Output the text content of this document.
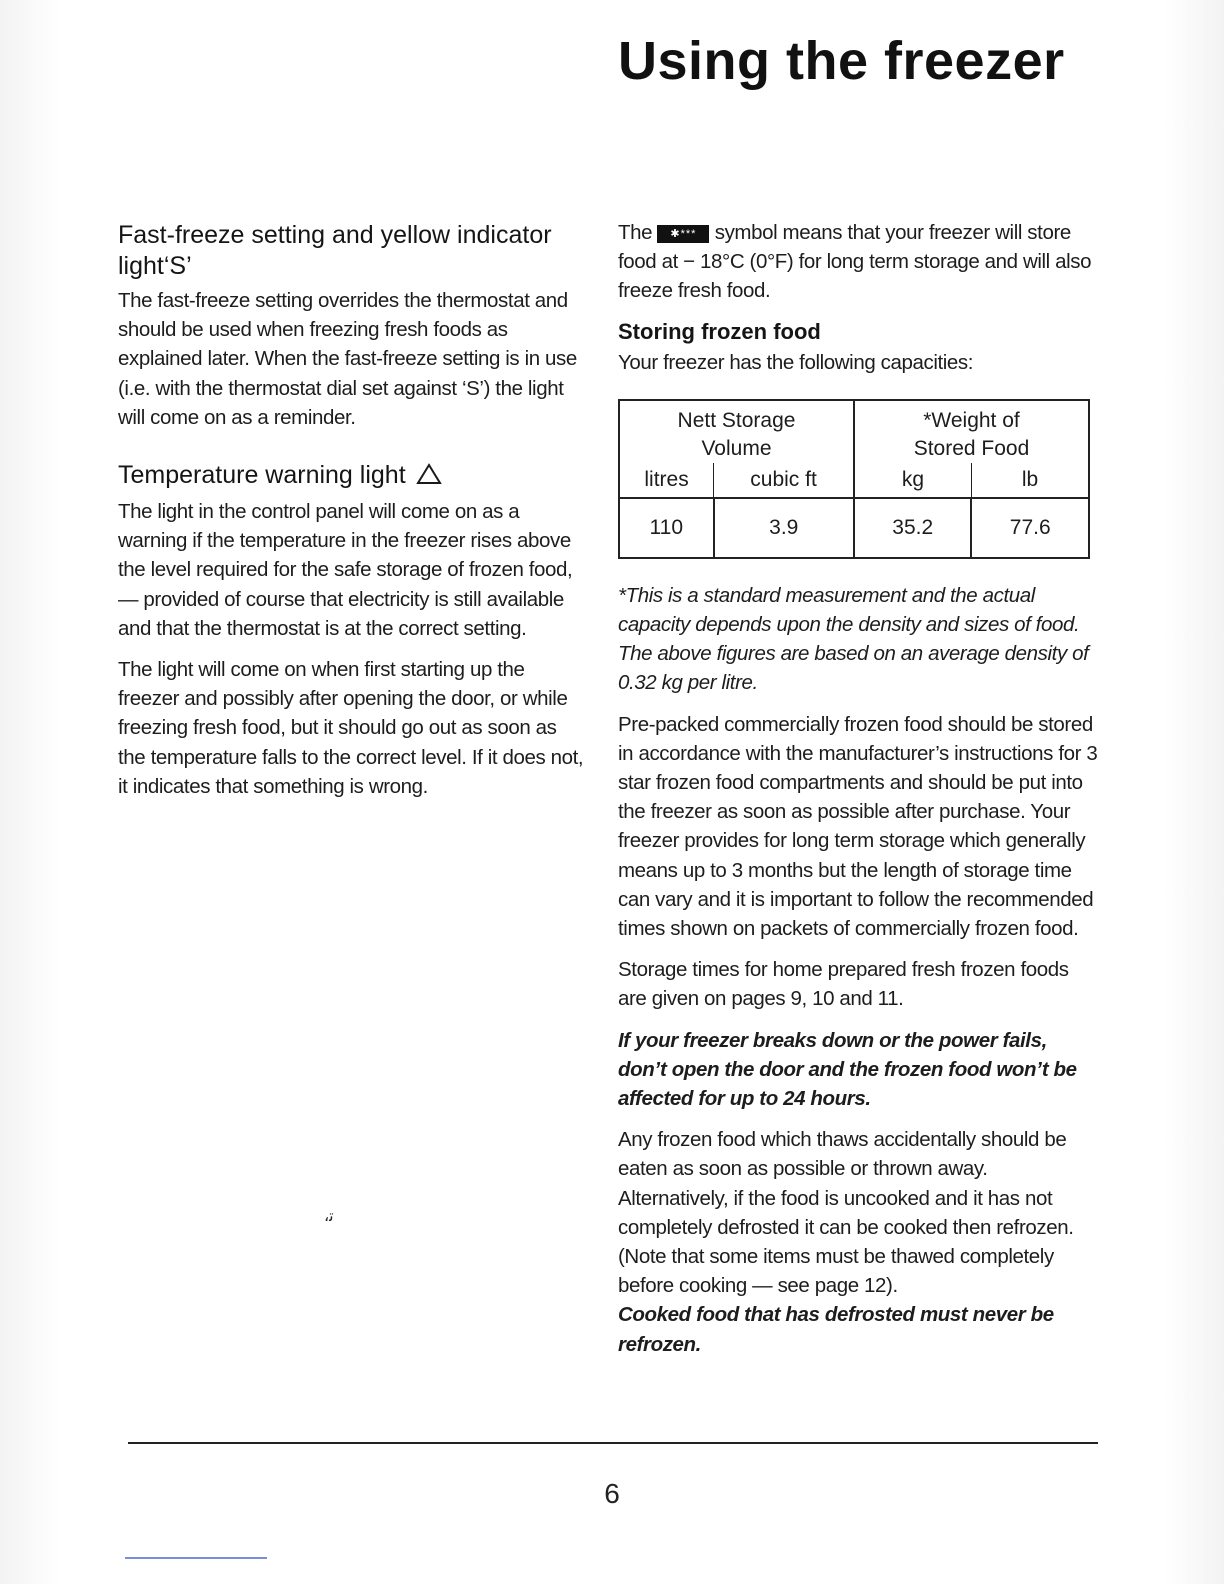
Using the freezer
Fast-freeze setting and yellow indicator light‘S’

The fast-freeze setting overrides the thermostat and should be used when freezing fresh foods as explained later. When the fast-freeze setting is in use (i.e. with the thermostat dial set against ‘S’) the light will come on as a reminder.

Temperature warning light

The light in the control panel will come on as a warning if the temperature in the freezer rises above the level required for the safe storage of frozen food, — provided of course that electricity is still available and that the thermostat is at the correct setting.

The light will come on when first starting up the freezer and possibly after opening the door, or while freezing fresh food, but it should go out as soon as the temperature falls to the correct level. If it does not, it indicates that something is wrong.

،ﺗ

The ✱*** symbol means that your freezer will store food at − 18°C (0°F) for long term storage and will also freeze fresh food.

Storing frozen food

Your freezer has the following capacities:

Nett Storage Volume		*Weight of Stored Food	

litres	cubic ft	kg	lb
110	3.9	35.2	77.6

*This is a standard measurement and the actual capacity depends upon the density and sizes of food. The above figures are based on an average density of 0.32 kg per litre.

Pre-packed commercially frozen food should be stored in accordance with the manufacturer’s instructions for 3 star frozen food compartments and should be put into the freezer as soon as possible after purchase. Your freezer provides for long term storage which generally means up to 3 months but the length of storage time can vary and it is important to follow the recommended times shown on packets of commercially frozen food.

Storage times for home prepared fresh frozen foods are given on pages 9, 10 and 11.

If your freezer breaks down or the power fails, don’t open the door and the frozen food won’t be affected for up to 24 hours.

Any frozen food which thaws accidentally should be eaten as soon as possible or thrown away. Alternatively, if the food is uncooked and it has not completely defrosted it can be cooked then refrozen. (Note that some items must be thawed completely before cooking — see page 12).

Cooked food that has defrosted must never be refrozen.

6
